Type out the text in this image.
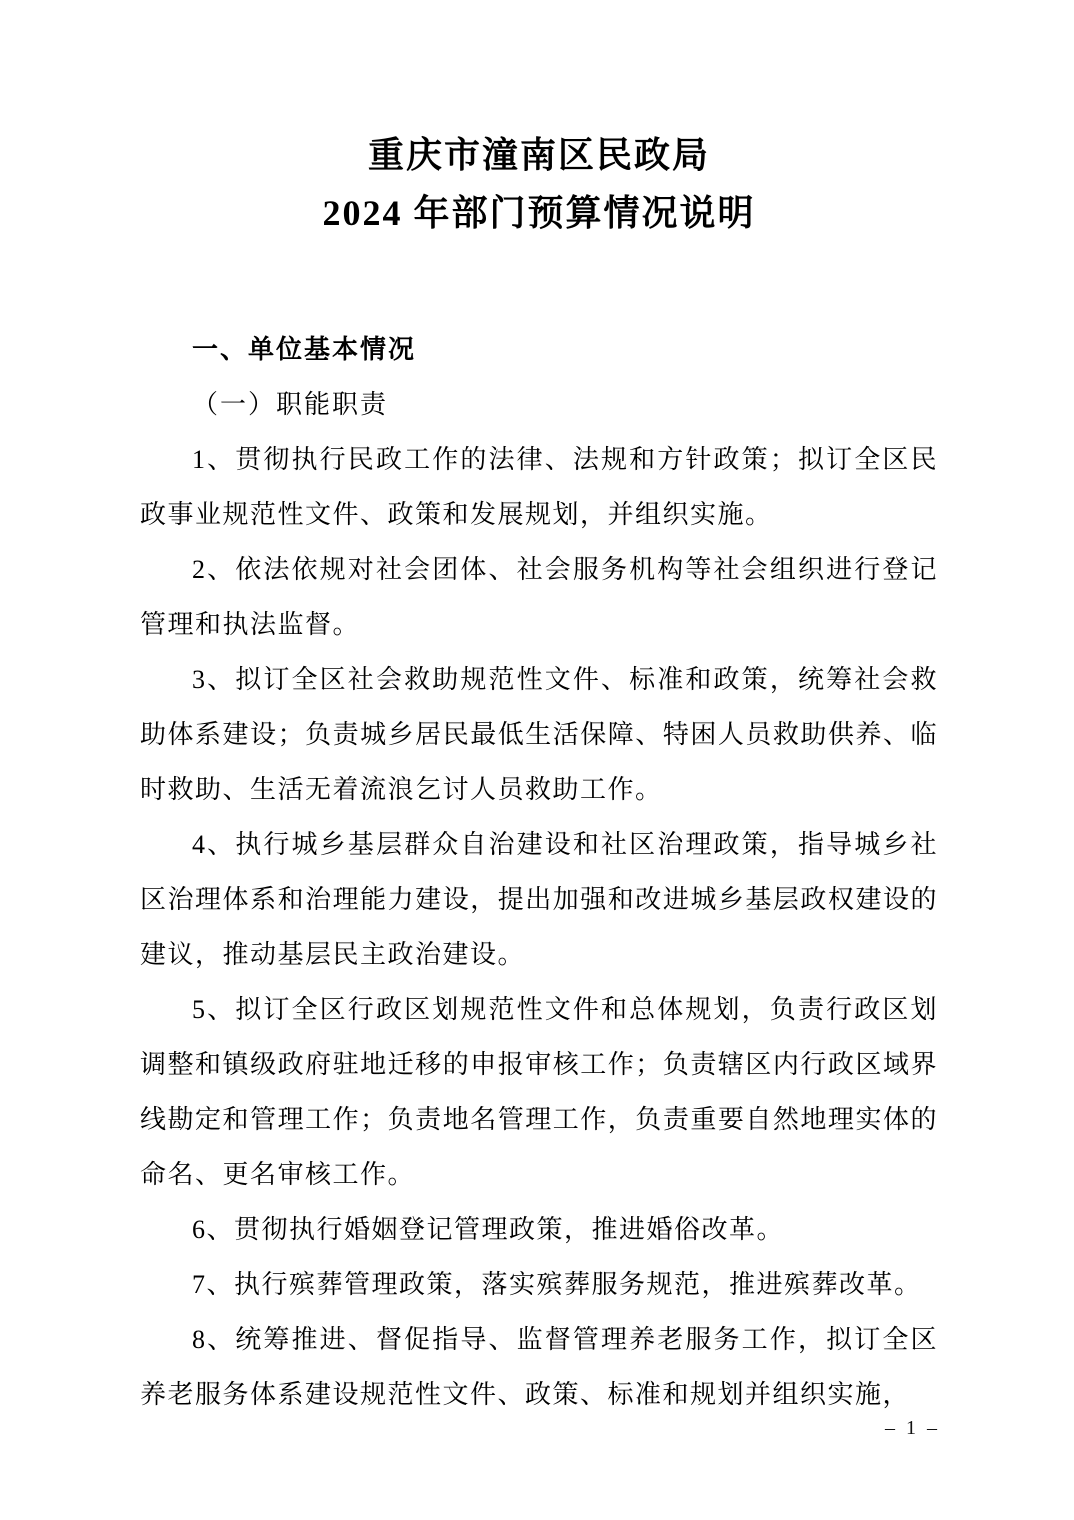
重庆市潼南区民政局
2024 年部门预算情况说明

一、单位基本情况

（一）职能职责

1、贯彻执行民政工作的法律、法规和方针政策；拟订全区民政事业规范性文件、政策和发展规划，并组织实施。

2、依法依规对社会团体、社会服务机构等社会组织进行登记管理和执法监督。

3、拟订全区社会救助规范性文件、标准和政策，统筹社会救助体系建设；负责城乡居民最低生活保障、特困人员救助供养、临时救助、生活无着流浪乞讨人员救助工作。

4、执行城乡基层群众自治建设和社区治理政策，指导城乡社区治理体系和治理能力建设，提出加强和改进城乡基层政权建设的建议，推动基层民主政治建设。

5、拟订全区行政区划规范性文件和总体规划，负责行政区划调整和镇级政府驻地迁移的申报审核工作；负责辖区内行政区域界线勘定和管理工作；负责地名管理工作，负责重要自然地理实体的命名、更名审核工作。

6、贯彻执行婚姻登记管理政策，推进婚俗改革。

7、执行殡葬管理政策，落实殡葬服务规范，推进殡葬改革。

8、统筹推进、督促指导、监督管理养老服务工作，拟订全区养老服务体系建设规范性文件、政策、标准和规划并组织实施，

– 1 –
